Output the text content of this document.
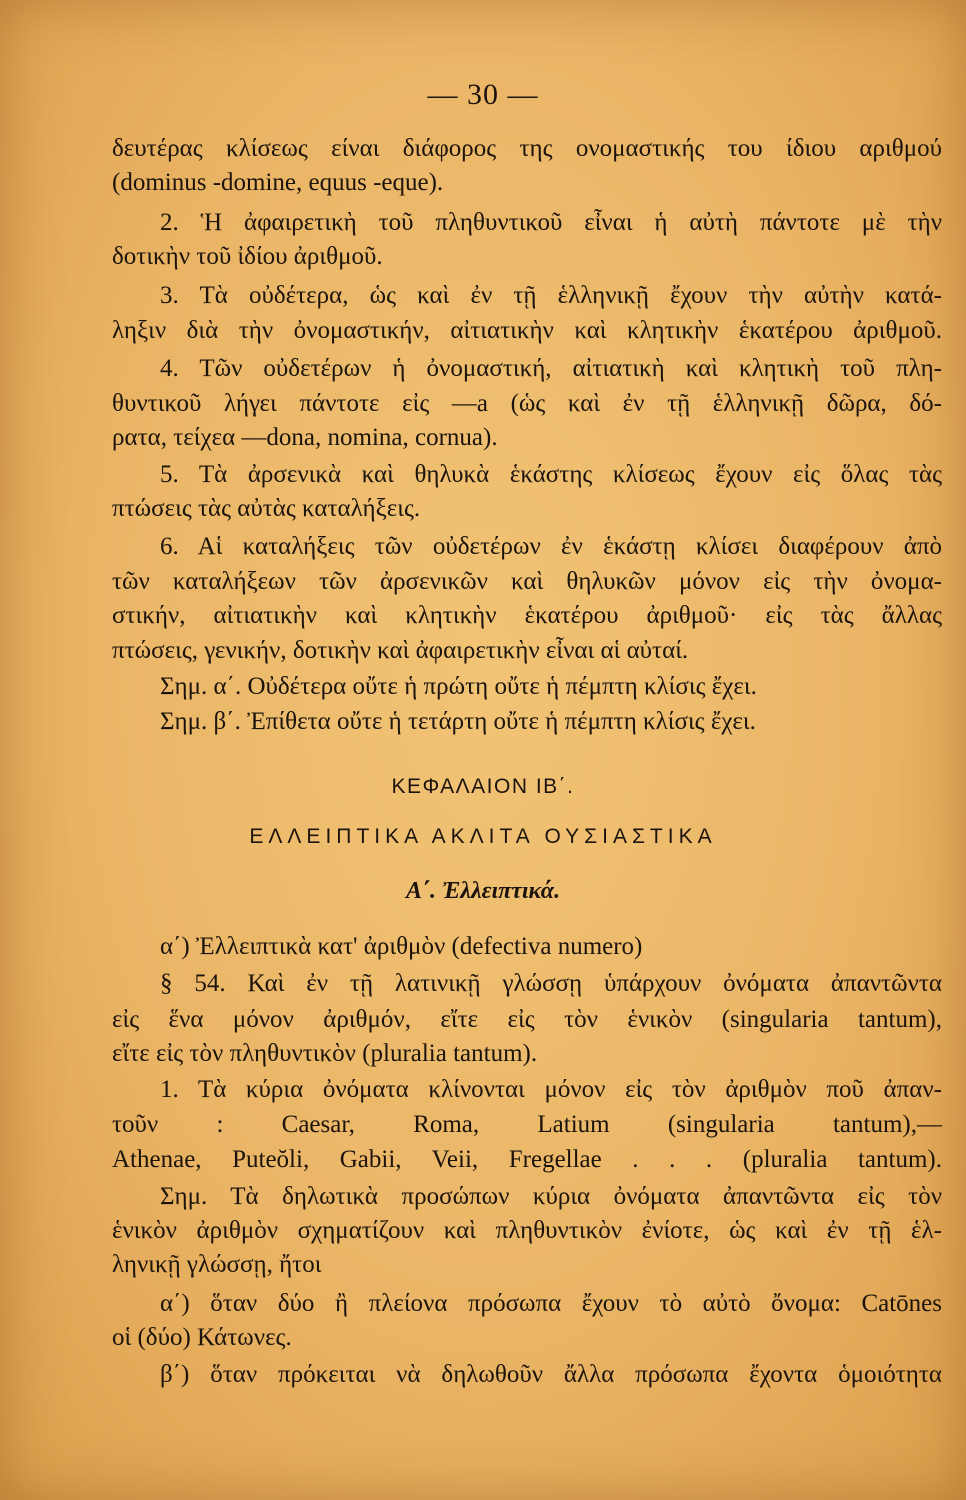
— 30 —
δευτέρας κλίσεως είναι διάφορος της ονομαστικής του ίδιου αριθμού
(dominus -domine, equus -eque).
2. Ἡ ἀφαιρετικὴ τοῦ πληθυντικοῦ εἶναι ἡ αὐτὴ πάντοτε μὲ τὴν
δοτικὴν τοῦ ἰδίου ἀριθμοῦ.
3. Τὰ οὐδέτερα, ὡς καὶ ἐν τῇ ἑλληνικῇ ἔχουν τὴν αὐτὴν κατά-
ληξιν διὰ τὴν ὀνομαστικήν, αἰτιατικὴν καὶ κλητικὴν ἑκατέρου ἀριθμοῦ.
4. Τῶν οὐδετέρων ἡ ὀνομαστική, αἰτιατικὴ καὶ κλητικὴ τοῦ πλη-
θυντικοῦ λήγει πάντοτε εἰς —a (ὡς καὶ ἐν τῇ ἑλληνικῇ δῶρα, δό-
ρατα, τείχεα —dona, nomina, cornua).
5. Τὰ ἀρσενικὰ καὶ θηλυκὰ ἑκάστης κλίσεως ἔχουν εἰς ὅλας τὰς
πτώσεις τὰς αὐτὰς καταλήξεις.
6. Αἱ καταλήξεις τῶν οὐδετέρων ἐν ἑκάστῃ κλίσει διαφέρουν ἀπὸ
τῶν καταλήξεων τῶν ἀρσενικῶν καὶ θηλυκῶν μόνον εἰς τὴν ὀνομα-
στικήν, αἰτιατικὴν καὶ κλητικὴν ἑκατέρου ἀριθμοῦ· εἰς τὰς ἄλλας
πτώσεις, γενικήν, δοτικὴν καὶ ἀφαιρετικὴν εἶναι αἱ αὐταί.
Σημ. α΄. Οὐδέτερα οὔτε ἡ πρώτη οὔτε ἡ πέμπτη κλίσις ἔχει.
Σημ. β΄. Ἐπίθετα οὔτε ἡ τετάρτη οὔτε ἡ πέμπτη κλίσις ἔχει.
ΚΕΦΑΛΑΙΟΝ ΙΒ΄.
ΕΛΛΕΙΠΤΙΚΑ ΑΚΛΙΤΑ ΟΥΣΙΑΣΤΙΚΑ
Α΄. Ἐλλειπτικά.
α΄) Ἐλλειπτικὰ κατ' ἀριθμὸν (defectiva numero)
§ 54. Καὶ ἐν τῇ λατινικῇ γλώσσῃ ὑπάρχουν ὀνόματα ἀπαντῶντα
εἰς ἕνα μόνον ἀριθμόν, εἴτε εἰς τὸν ἑνικὸν (singularia tantum),
εἴτε εἰς τὸν πληθυντικὸν (pluralia tantum).
1. Τὰ κύρια ὀνόματα κλίνονται μόνον εἰς τὸν ἀριθμὸν ποῦ ἀπαν-
τοῦν : Caesar, Roma, Latium (singularia tantum),—
Athenae, Puteŏli, Gabii, Veii, Fregellae . . . (pluralia tantum).
Σημ. Τὰ δηλωτικὰ προσώπων κύρια ὀνόματα ἀπαντῶντα εἰς τὸν
ἑνικὸν ἀριθμὸν σχηματίζουν καὶ πληθυντικὸν ἐνίοτε, ὡς καὶ ἐν τῇ ἑλ-
ληνικῇ γλώσσῃ, ἤτοι
α΄) ὅταν δύο ἢ πλείονα πρόσωπα ἔχουν τὸ αὐτὸ ὄνομα: Catōnes
οἱ (δύο) Κάτωνες.
β΄) ὅταν πρόκειται νὰ δηλωθοῦν ἄλλα πρόσωπα ἔχοντα ὁμοιότητα
